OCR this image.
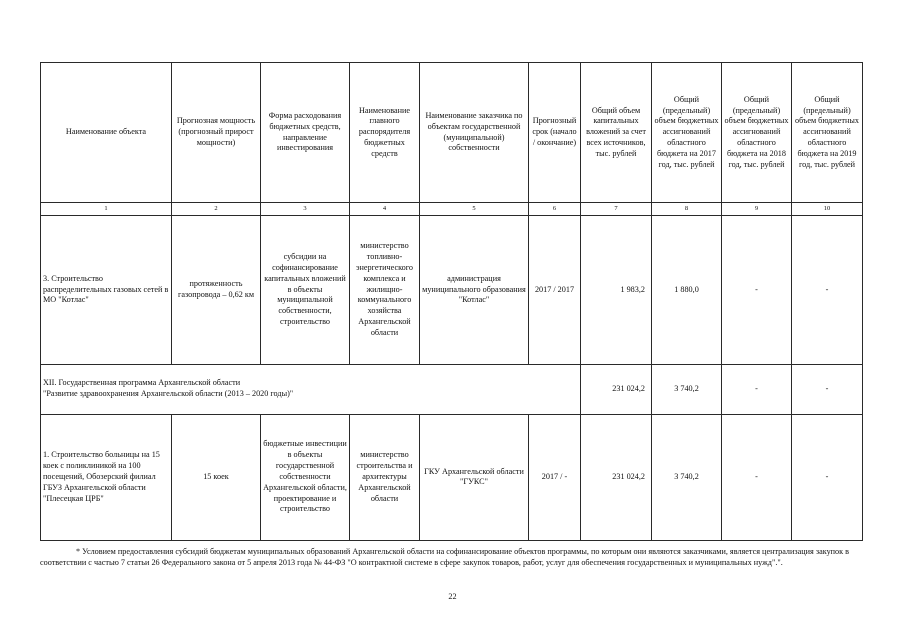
Наименование объекта	Прогнозная мощность (прогнозный прирост мощности)	Форма расходования бюджетных средств, направление инвестирования	Наименование главного распорядителя бюджетных средств	Наименование заказчика по объектам государственной (муниципальной) собственности	Прогнозный срок (начало / окончание)	Общий объем капитальных вложений за счет всех источников, тыс. рублей	Общий (предельный) объем бюджетных ассигнований областного бюджета на 2017 год, тыс. рублей	Общий (предельный) объем бюджетных ассигнований областного бюджета на 2018 год, тыс. рублей	Общий (предельный) объем бюджетных ассигнований областного бюджета на 2019 год, тыс. рублей
1	2	3	4	5	6	7	8	9	10
3. Строительство распределительных газовых сетей в МО "Котлас"	протяженность газопровода – 0,62 км	субсидии на софинансирование капитальных вложений в объекты муниципальной собственности, строительство	министерство топливно-энергетического комплекса и жилищно-коммунального хозяйства Архангельской области	администрация муниципального образования "Котлас"	2017 / 2017	1 983,2	1 880,0	-	-

XII. Государственная программа Архангельской области
"Развитие здравоохранения Архангельской области (2013 – 2020 годы)"						231 024,2	3 740,2	-	-
1. Строительство больницы на 15 коек с поликлиникой на 100 посещений, Обозерский филиал ГБУЗ Архангельской области "Плесецкая ЦРБ"	15 коек	бюджетные инвестиции в объекты государственной собственности Архангельской области, проектирование и строительство	министерство строительства и архитектуры Архангельской области	ГКУ Архангельской области "ГУКС"	2017 / -	231 024,2	3 740,2	-	-
* Условием предоставления субсидий бюджетам муниципальных образований Архангельской области на софинансирование объектов программы, по которым они являются заказчиками, является централизация закупок в соответствии с частью 7 статьи 26 Федерального закона от 5 апреля 2013 года № 44-ФЗ "О контрактной системе в сфере закупок товаров, работ, услуг для обеспечения государственных и муниципальных нужд".".
22
